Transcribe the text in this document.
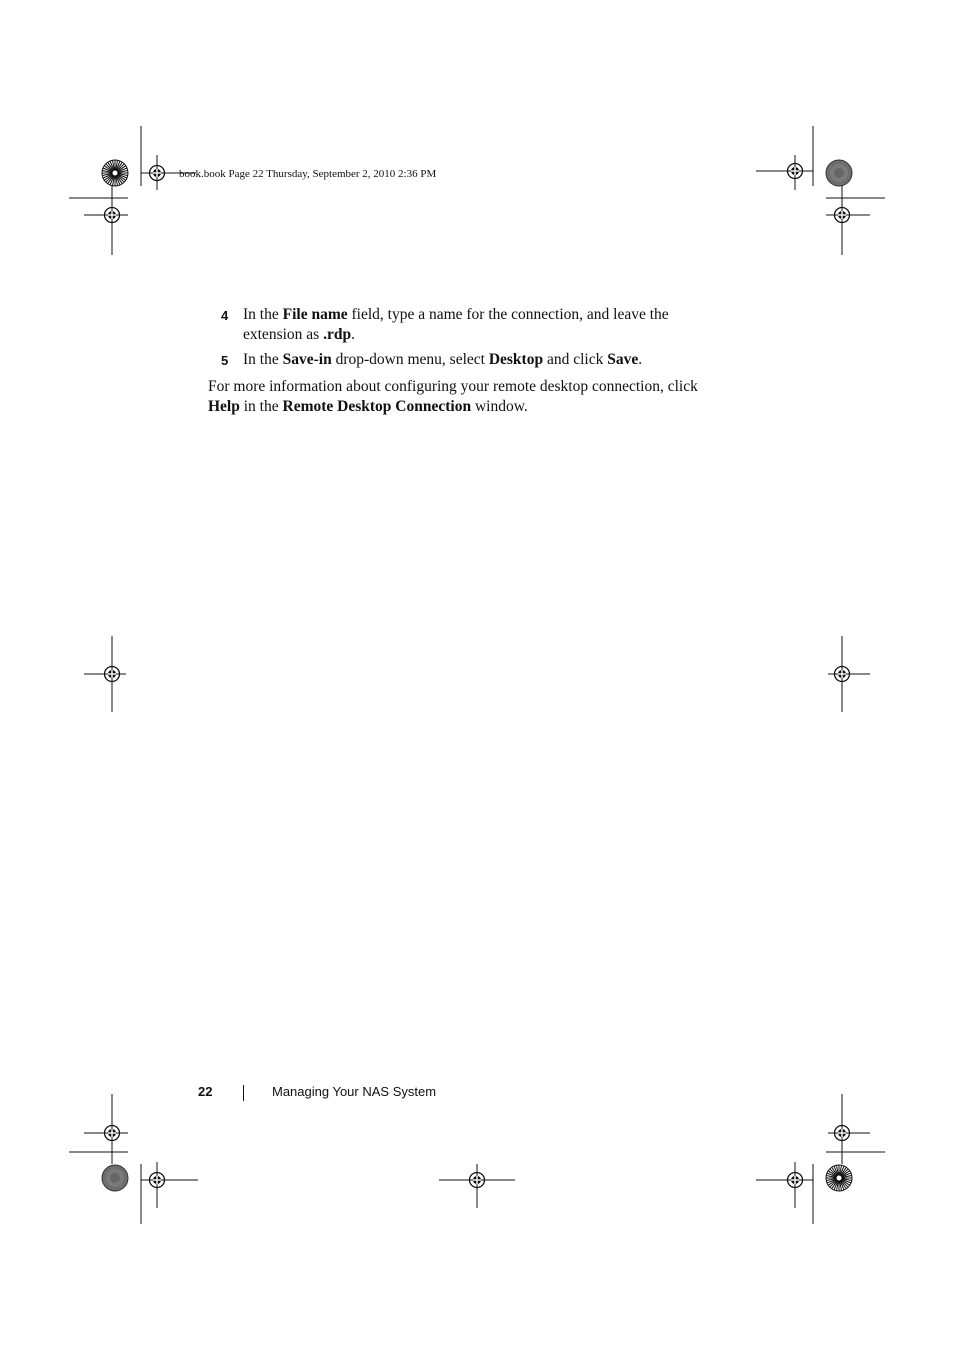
book.book Page 22 Thursday, September 2, 2010 2:36 PM
4 In the File name field, type a name for the connection, and leave the extension as .rdp.
5 In the Save-in drop-down menu, select Desktop and click Save.
For more information about configuring your remote desktop connection, click Help in the Remote Desktop Connection window.
22	Managing Your NAS System
